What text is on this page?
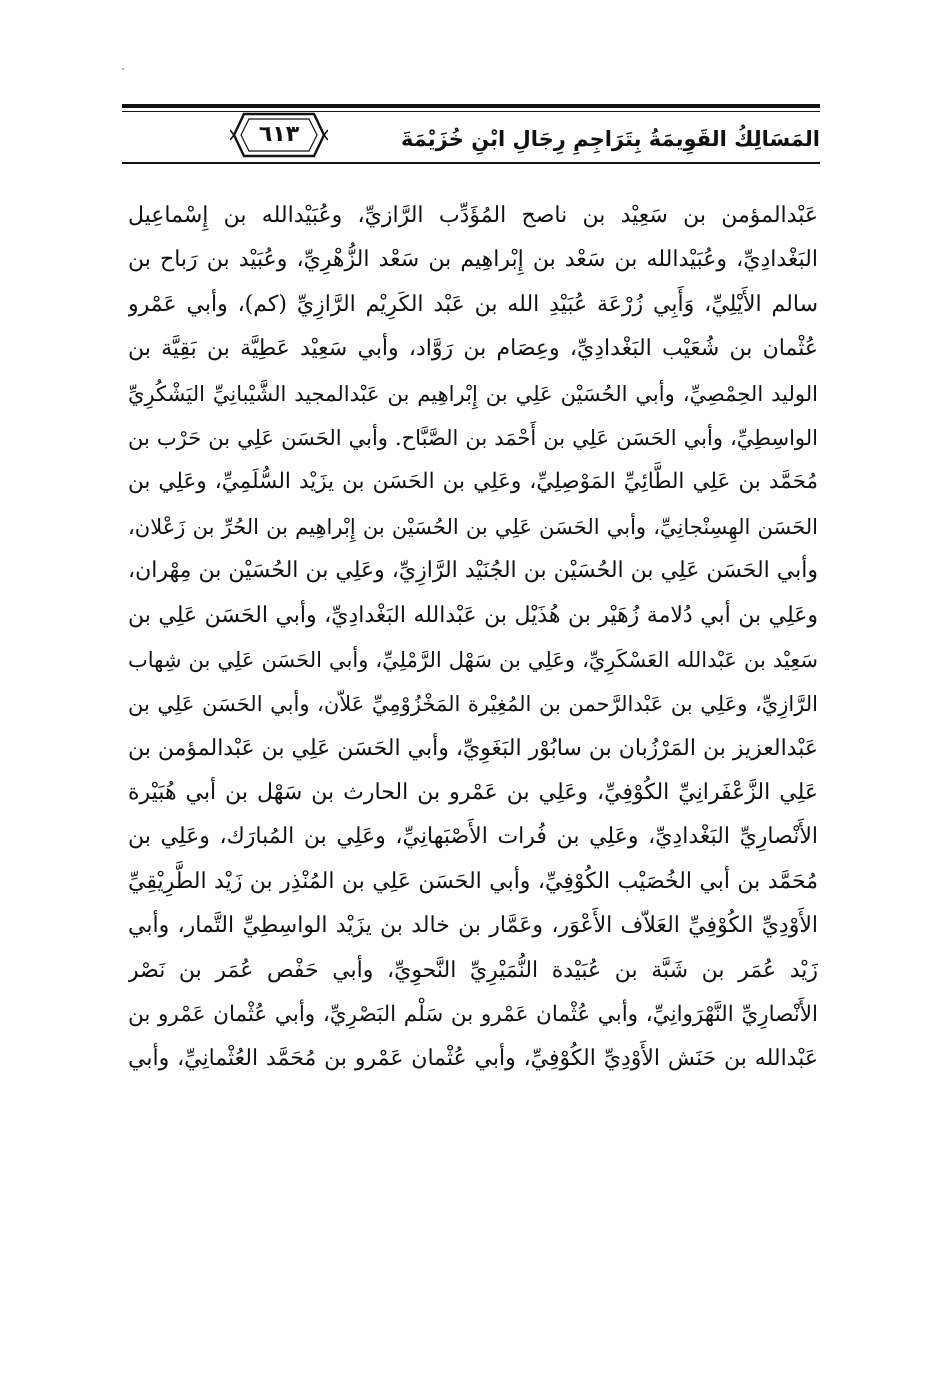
٦١٣	المَسَالِكُ القَوِيمَةُ بِتَرَاجِمِ رِجَالِ ابْنِ خُزَيْمَةَ
عَبْدالمؤمن بن سَعِيْد بن ناصح المُؤَدِّب الرَّازيِّ، وعُبَيْدالله بن إِسْماعِيل
البَغْدادِيِّ، وعُبَيْدالله بن سَعْد بن إِبْراهِيم بن سَعْد الزُّهْرِيِّ، وعُبَيْد بن رَباح بن
سالم الأَيْلِيِّ، وَأَبِي زُرْعَة عُبَيْدِ الله بن عَبْد الكَرِيْم الرَّازِيِّ (كم)، وأبي عَمْرو
عُثْمان بن شُعَيْب البَغْدادِيِّ، وعِصَام بن رَوَّاد، وأبي سَعِيْد عَطِيَّة بن بَقِيَّة بن
الوليد الحِمْصِيِّ، وأبي الحُسَيْن عَلِي بن إِبْراهِيم بن عَبْدالمجيد الشَّيْبانِيِّ اليَشْكُرِيِّ
الواسِطِيِّ، وأبي الحَسَن عَلِي بن أَحْمَد بن الصَّبَّاح. وأبي الحَسَن عَلِي بن حَرْب بن
مُحَمَّد بن عَلِي الطَّائِيِّ المَوْصِلِيِّ، وعَلِي بن الحَسَن بن يزَيْد السُّلَمِيِّ، وعَلِي بن
الحَسَن الهِسِنْجانِيِّ، وأبي الحَسَن عَلِي بن الحُسَيْن بن إِبْراهِيم بن الحُرِّ بن زَعْلان،
وأبي الحَسَن عَلِي بن الحُسَيْن بن الجُنَيْد الرَّازِيِّ، وعَلِي بن الحُسَيْن بن مِهْران،
وعَلِي بن أبي دُلامة زُهَيْر بن هُذَيْل بن عَبْدالله البَغْدادِيِّ، وأبي الحَسَن عَلِي بن
سَعِيْد بن عَبْدالله العَسْكَرِيِّ، وعَلِي بن سَهْل الرَّمْلِيِّ، وأبي الحَسَن عَلِي بن شِهاب
الرَّازِيِّ، وعَلِي بن عَبْدالرَّحمن بن المُغِيْرة المَخْزُوْمِيِّ عَلاّن، وأبي الحَسَن عَلِي بن
عَبْدالعزيز بن المَرْزُبان بن سابُوْر البَغَوِيِّ، وأبي الحَسَن عَلِي بن عَبْدالمؤمن بن
عَلِي الزَّعْفَرانِيِّ الكُوْفِيِّ، وعَلِي بن عَمْرو بن الحارث بن سَهْل بن أبي هُبَيْرة
الأَنْصارِيِّ البَغْدادِيِّ، وعَلِي بن فُرات الأَصْبَهانِيِّ، وعَلِي بن المُبارَك، وعَلِي بن
مُحَمَّد بن أبي الخُصَيْب الكُوْفِيِّ، وأبي الحَسَن عَلِي بن المُنْذِر بن زَيْد الطَّرِيْقِيِّ
الأَوْدِيِّ الكُوْفِيِّ العَلاّف الأَعْوَر، وعَمَّار بن خالد بن يزَيْد الواسِطِيِّ التَّمار، وأبي
زَيْد عُمَر بن شَبَّة بن عُبَيْدة النُّمَيْرِيِّ النَّحوِيِّ، وأبي حَفْص عُمَر بن نَصْر
الأَنْصارِيِّ النَّهْرَوانِيِّ، وأبي عُثْمان عَمْرو بن سَلْم البَصْرِيِّ، وأبي عُثْمان عَمْرو بن
عَبْدالله بن حَنَش الأَوْدِيِّ الكُوْفِيِّ، وأبي عُثْمان عَمْرو بن مُحَمَّد العُثْمانِيِّ، وأبي
